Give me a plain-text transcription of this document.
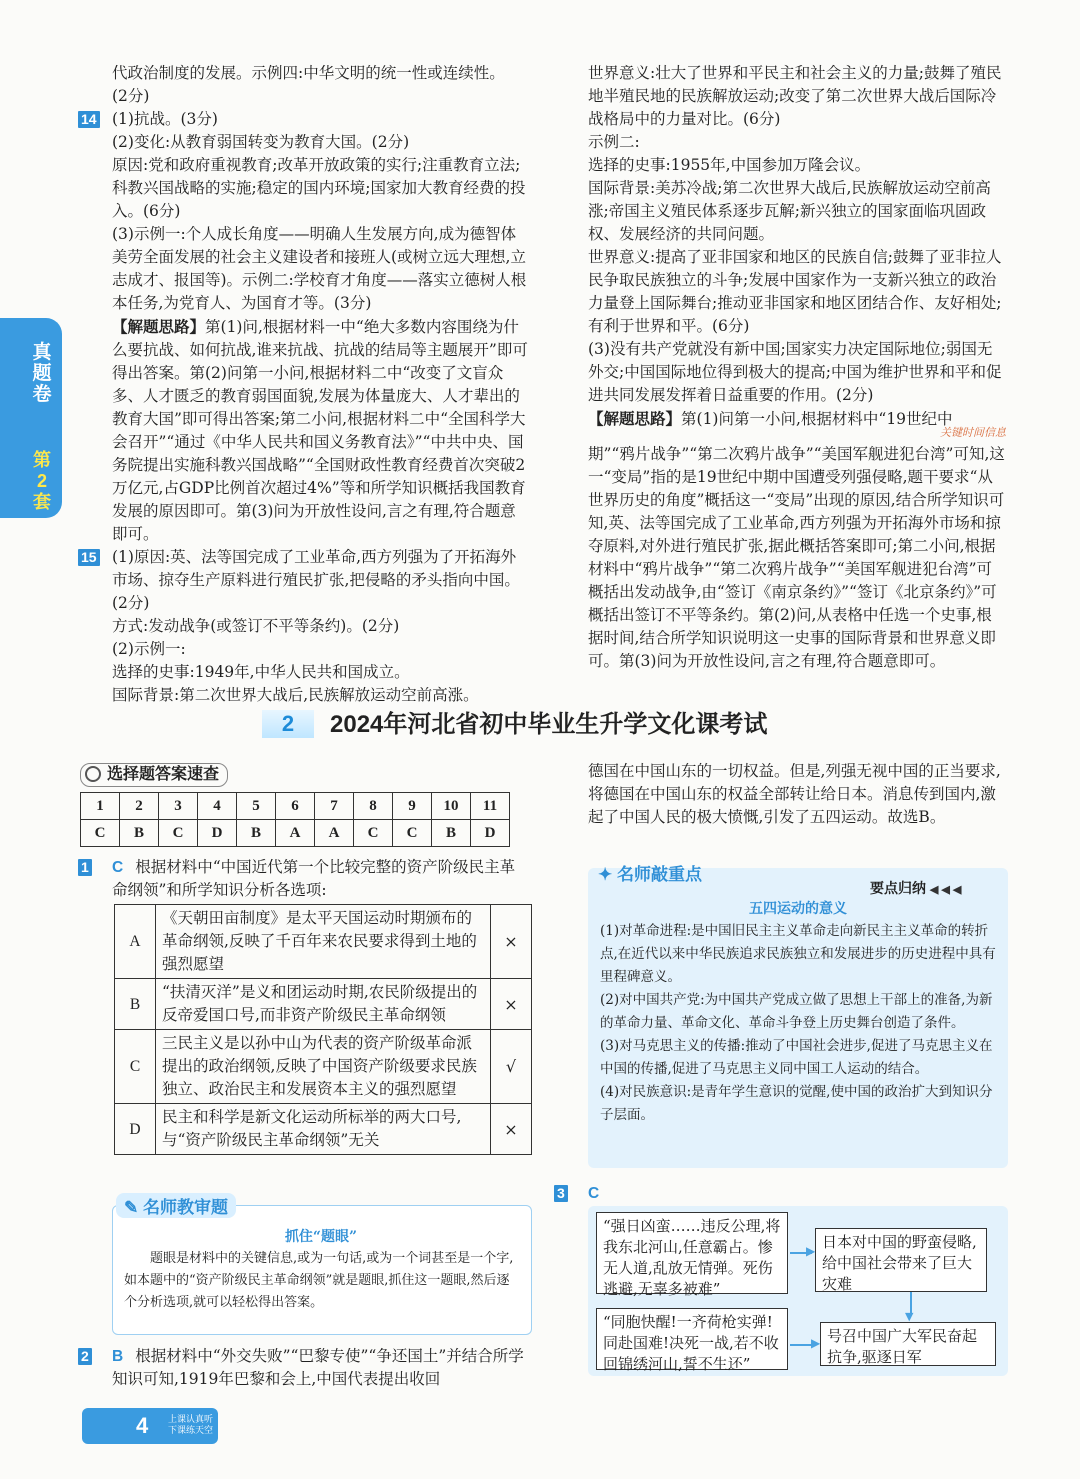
真题卷
第2套

代政治制度的发展。示例四:中华文明的统一性或连续性。

(2分)

14 (1)抗战。(3分)

(2)变化:从教育弱国转变为教育大国。(2分)

原因:党和政府重视教育;改革开放政策的实行;注重教育立法;科教兴国战略的实施;稳定的国内环境;国家加大教育经费的投入。(6分)

(3)示例一:个人成长角度——明确人生发展方向,成为德智体美劳全面发展的社会主义建设者和接班人(或树立远大理想,立志成才、报国等)。示例二:学校育才角度——落实立德树人根本任务,为党育人、为国育才等。(3分)

【解题思路】第(1)问,根据材料一中“绝大多数内容围绕为什么要抗战、如何抗战,谁来抗战、抗战的结局等主题展开”即可得出答案。第(2)问第一小问,根据材料二中“改变了文盲众多、人才匮乏的教育弱国面貌,发展为体量庞大、人才辈出的教育大国”即可得出答案;第二小问,根据材料二中“全国科学大会召开”“通过《中华人民共和国义务教育法》”“中共中央、国务院提出实施科教兴国战略”“全国财政性教育经费首次突破2万亿元,占GDP比例首次超过4%”等和所学知识概括我国教育发展的原因即可。第(3)问为开放性设问,言之有理,符合题意即可。

15 (1)原因:英、法等国完成了工业革命,西方列强为了开拓海外市场、掠夺生产原料进行殖民扩张,把侵略的矛头指向中国。(2分)

方式:发动战争(或签订不平等条约)。(2分)

(2)示例一:

选择的史事:1949年,中华人民共和国成立。

国际背景:第二次世界大战后,民族解放运动空前高涨。

世界意义:壮大了世界和平民主和社会主义的力量;鼓舞了殖民地半殖民地的民族解放运动;改变了第二次世界大战后国际冷战格局中的力量对比。(6分)

示例二:

选择的史事:1955年,中国参加万隆会议。

国际背景:美苏冷战;第二次世界大战后,民族解放运动空前高涨;帝国主义殖民体系逐步瓦解;新兴独立的国家面临巩固政权、发展经济的共同问题。

世界意义:提高了亚非国家和地区的民族自信;鼓舞了亚非拉人民争取民族独立的斗争;发展中国家作为一支新兴独立的政治力量登上国际舞台;推动亚非国家和地区团结合作、友好相处;有利于世界和平。(6分)

(3)没有共产党就没有新中国;国家实力决定国际地位;弱国无外交;中国国际地位得到极大的提高;中国为维护世界和平和促进共同发展发挥着日益重要的作用。(2分)

【解题思路】第(1)问第一小问,根据材料中“19世纪中
关键时间信息

期”“鸦片战争”“第二次鸦片战争”“美国军舰进犯台湾”可知,这一“变局”指的是19世纪中期中国遭受列强侵略,题干要求“从世界历史的角度”概括这一“变局”出现的原因,结合所学知识可知,英、法等国完成了工业革命,西方列强为开拓海外市场和掠夺原料,对外进行殖民扩张,据此概括答案即可;第二小问,根据材料中“鸦片战争”“第二次鸦片战争”“美国军舰进犯台湾”可概括出发动战争,由“签订《南京条约》”“签订《北京条约》”可概括出签订不平等条约。第(2)问,从表格中任选一个史事,根据时间,结合所学知识说明这一史事的国际背景和世界意义即可。第(3)问为开放性设问,言之有理,符合题意即可。

2	2024年河北省初中毕业生升学文化课考试
选择题答案速查
1	2	3	4	5	6	7	8	9	10	11
C	B	C	D	B	A	A	C	C	B	D

1 C 根据材料中“中国近代第一个比较完整的资产阶级民主革命纲领”和所学知识分析各选项:

A	《天朝田亩制度》是太平天国运动时期颁布的革命纲领,反映了千百年来农民要求得到土地的强烈愿望	×
B	“扶清灭洋”是义和团运动时期,农民阶级提出的反帝爱国口号,而非资产阶级民主革命纲领	×
C	三民主义是以孙中山为代表的资产阶级革命派提出的政治纲领,反映了中国资产阶级要求民族独立、政治民主和发展资本主义的强烈愿望	√
D	民主和科学是新文化运动所标举的两大口号,与“资产阶级民主革命纲领”无关	×
✎ 名师教审题
抓住“题眼”
题眼是材料中的关键信息,或为一句话,或为一个词甚至是一个字,如本题中的“资产阶级民主革命纲领”就是题眼,抓住这一题眼,然后逐个分析选项,就可以轻松得出答案。

2 B 根据材料中“外交失败”“巴黎专使”“争还国土”并结合所学知识可知,1919年巴黎和会上,中国代表提出收回

德国在中国山东的一切权益。但是,列强无视中国的正当要求,将德国在中国山东的权益全部转让给日本。消息传到国内,激起了中国人民的极大愤慨,引发了五四运动。故选B。
✦ 名师敲重点
要点归纳 ◀ ◀ ◀
五四运动的意义
(1)对革命进程:是中国旧民主主义革命走向新民主主义革命的转折点,在近代以来中华民族追求民族独立和发展进步的历史进程中具有里程碑意义。
(2)对中国共产党:为中国共产党成立做了思想上干部上的准备,为新的革命力量、革命文化、革命斗争登上历史舞台创造了条件。
(3)对马克思主义的传播:推动了中国社会进步,促进了马克思主义在中国的传播,促进了马克思主义同中国工人运动的结合。
(4)对民族意识:是青年学生意识的觉醒,使中国的政治扩大到知识分子层面。

3 C

“强日凶蛮……违反公理,将我东北河山,任意霸占。惨无人道,乱放无情弹。死伤逃避,无辜多被难”
日本对中国的野蛮侵略,给中国社会带来了巨大灾难
“同胞快醒!一齐荷枪实弹!同赴国难!决死一战,若不收回锦绣河山,誓不生还”
号召中国广大军民奋起抗争,驱逐日军
▶
▶
▼
4 上课认真听
下课练天空
